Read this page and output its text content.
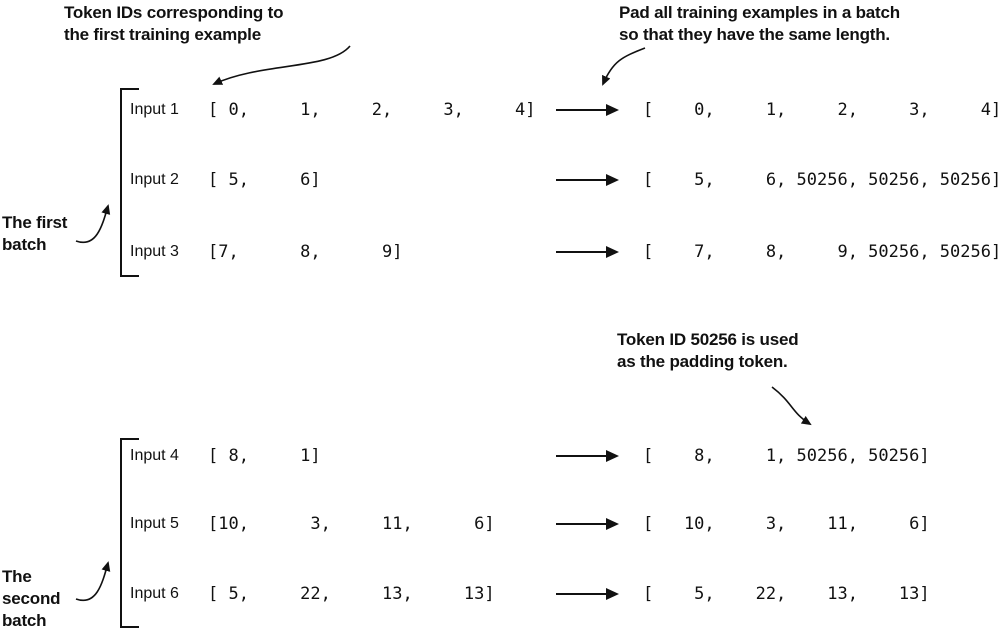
Token IDs corresponding to
the first training example
Pad all training examples in a batch
so that they have the same length.
Token ID 50256 is used
as the padding token.
The first
batch
The
second
batch
Input 1 [ 0,     1,     2,     3,     4]	[    0,     1,     2,     3,     4]
Input 2 [ 5,     6]	[    5,     6, 50256, 50256, 50256]
Input 3 [7,      8,      9]	[    7,     8,     9, 50256, 50256]
Input 4 [ 8,     1]	[    8,     1, 50256, 50256]
Input 5 [10,      3,     11,      6]	[   10,     3,    11,     6]
Input 6 [ 5,     22,     13,     13]	[    5,    22,    13,    13]
